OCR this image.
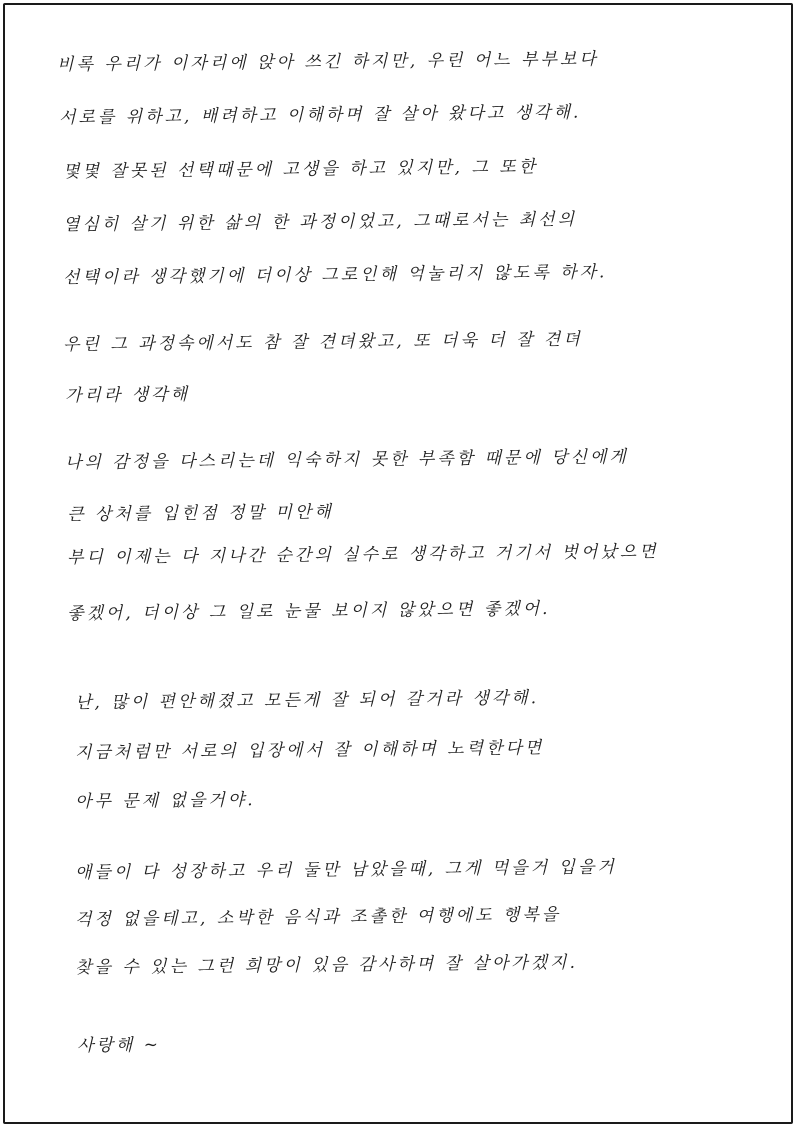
비록 우리가 이자리에 앉아 쓰긴 하지만, 우린 어느 부부보다
서로를 위하고, 배려하고 이해하며 잘 살아 왔다고 생각해.
몇몇 잘못된 선택때문에 고생을 하고 있지만, 그 또한
열심히 살기 위한 삶의 한 과정이었고, 그때로서는 최선의
선택이라 생각했기에 더이상 그로인해 억눌리지 않도록 하자.
우린 그 과정속에서도 참 잘 견뎌왔고, 또 더욱 더 잘 견뎌
가리라 생각해
나의 감정을 다스리는데 익숙하지 못한 부족함 때문에 당신에게
큰 상처를 입힌점 정말 미안해
부디 이제는 다 지나간 순간의 실수로 생각하고 거기서 벗어났으면
좋겠어, 더이상 그 일로 눈물 보이지 않았으면 좋겠어.
난, 많이 편안해졌고 모든게 잘 되어 갈거라 생각해.
지금처럼만 서로의 입장에서 잘 이해하며 노력한다면
아무 문제 없을거야.
애들이 다 성장하고 우리 둘만 남았을때, 그게 먹을거 입을거
걱정 없을테고, 소박한 음식과 조촐한 여행에도 행복을
찾을 수 있는 그런 희망이 있음 감사하며 잘 살아가겠지.
사랑해 ~
